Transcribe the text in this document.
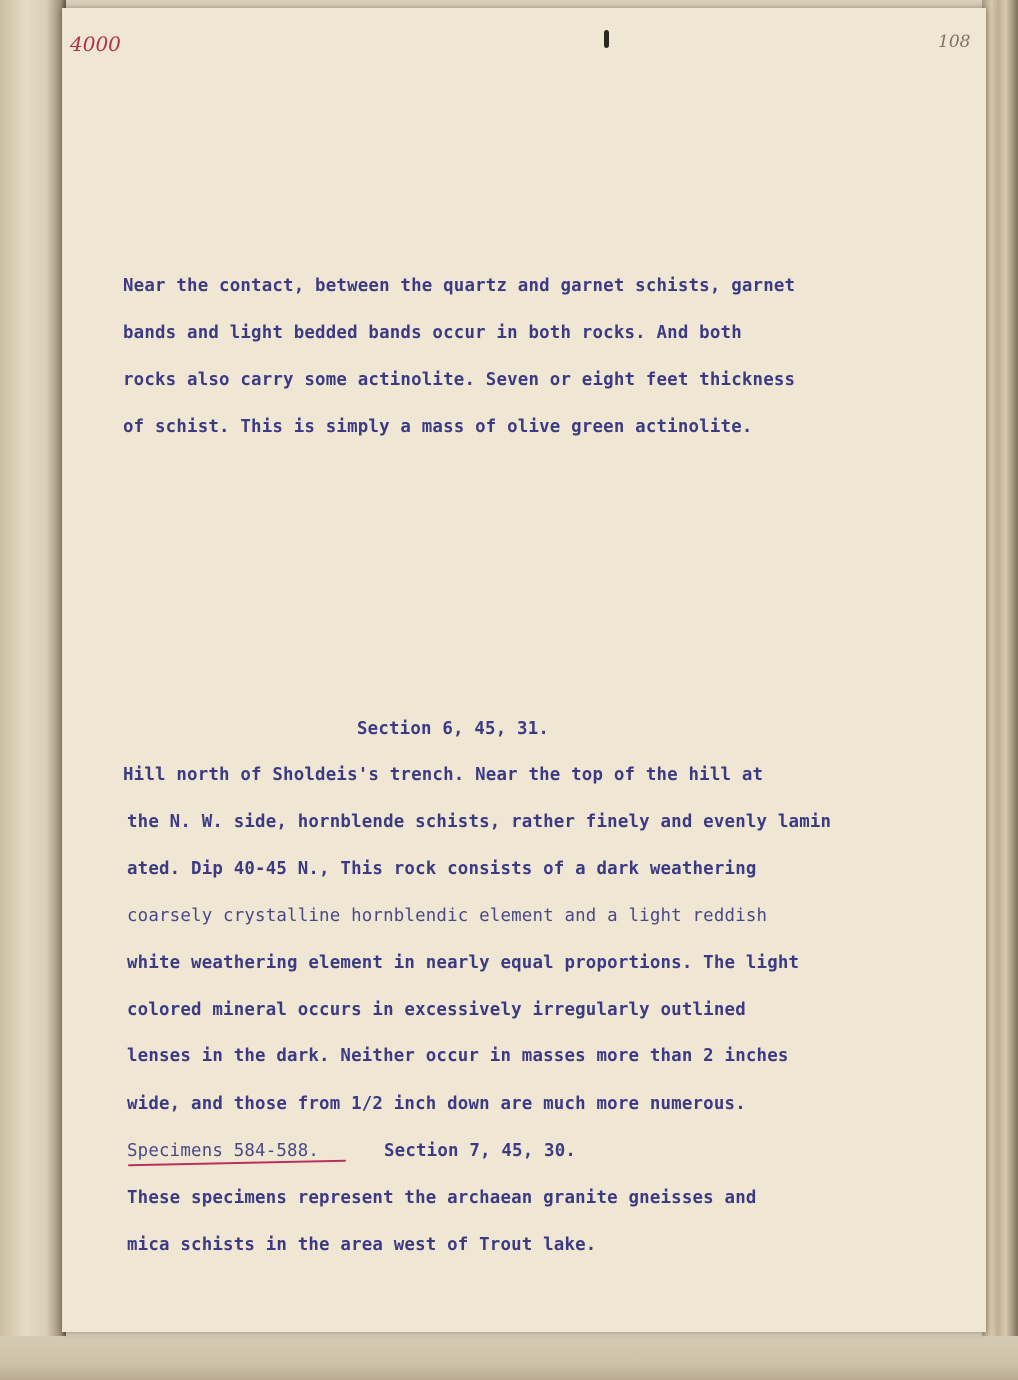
4000	108
Near the contact, between the quartz and garnet schists, garnet
bands and light bedded bands occur in both rocks. And both
rocks also carry some actinolite. Seven or eight feet thickness
of schist. This is simply a mass of olive green actinolite.
Section 6, 45, 31.
Hill north of Sholdeis's trench. Near the top of the hill at
the N. W. side, hornblende schists, rather finely and evenly lamin
ated. Dip 40-45 N., This rock consists of a dark weathering
coarsely crystalline hornblendic element and a light reddish
white weathering element in nearly equal proportions. The light
colored mineral occurs in excessively irregularly outlined
lenses in the dark. Neither occur in masses more than 2 inches
wide, and those from 1/2 inch down are much more numerous.
Specimens 584-588.	Section 7, 45, 30.
These specimens represent the archaean granite gneisses and
mica schists in the area west of Trout lake.
